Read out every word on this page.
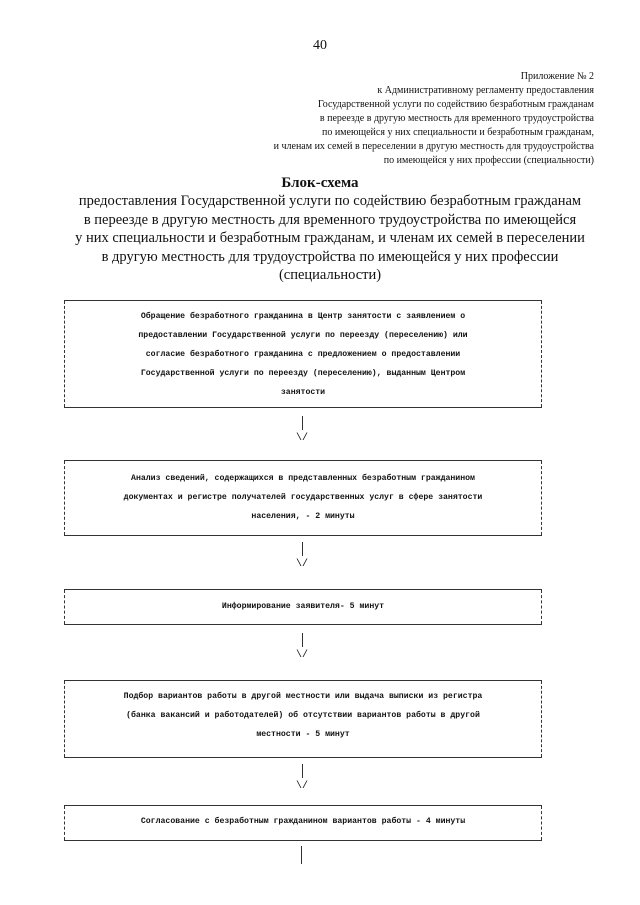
40
Приложение № 2
к Административному регламенту предоставления
Государственной услуги по содействию безработным гражданам
в переезде в другую местность для временного трудоустройства
по имеющейся у них специальности и безработным гражданам,
и членам их семей в переселении в другую местность для трудоустройства
по имеющейся у них профессии (специальности)
Блок-схема
предоставления Государственной услуги по содействию безработным гражданам
в переезде в другую местность для временного трудоустройства по имеющейся
у них специальности и безработным гражданам, и членам их семей в переселении
в другую местность для трудоустройства по имеющейся у них профессии
(специальности)
Обращение безработного гражданина в Центр занятости с заявлением о
предоставлении Государственной услуги по переезду (переселению) или
согласие безработного гражданина с предложением о предоставлении
Государственной услуги по переезду (переселению), выданным Центром
занятости
\/
Анализ сведений, содержащихся в представленных безработным гражданином
документах и регистре получателей государственных услуг в сфере занятости
населения, - 2 минуты
\/
Информирование заявителя- 5 минут
\/
Подбор вариантов работы в другой местности или выдача выписки из регистра
(банка вакансий и работодателей) об отсутствии вариантов работы в другой
местности - 5 минут
\/
Согласование с безработным гражданином вариантов работы - 4 минуты
